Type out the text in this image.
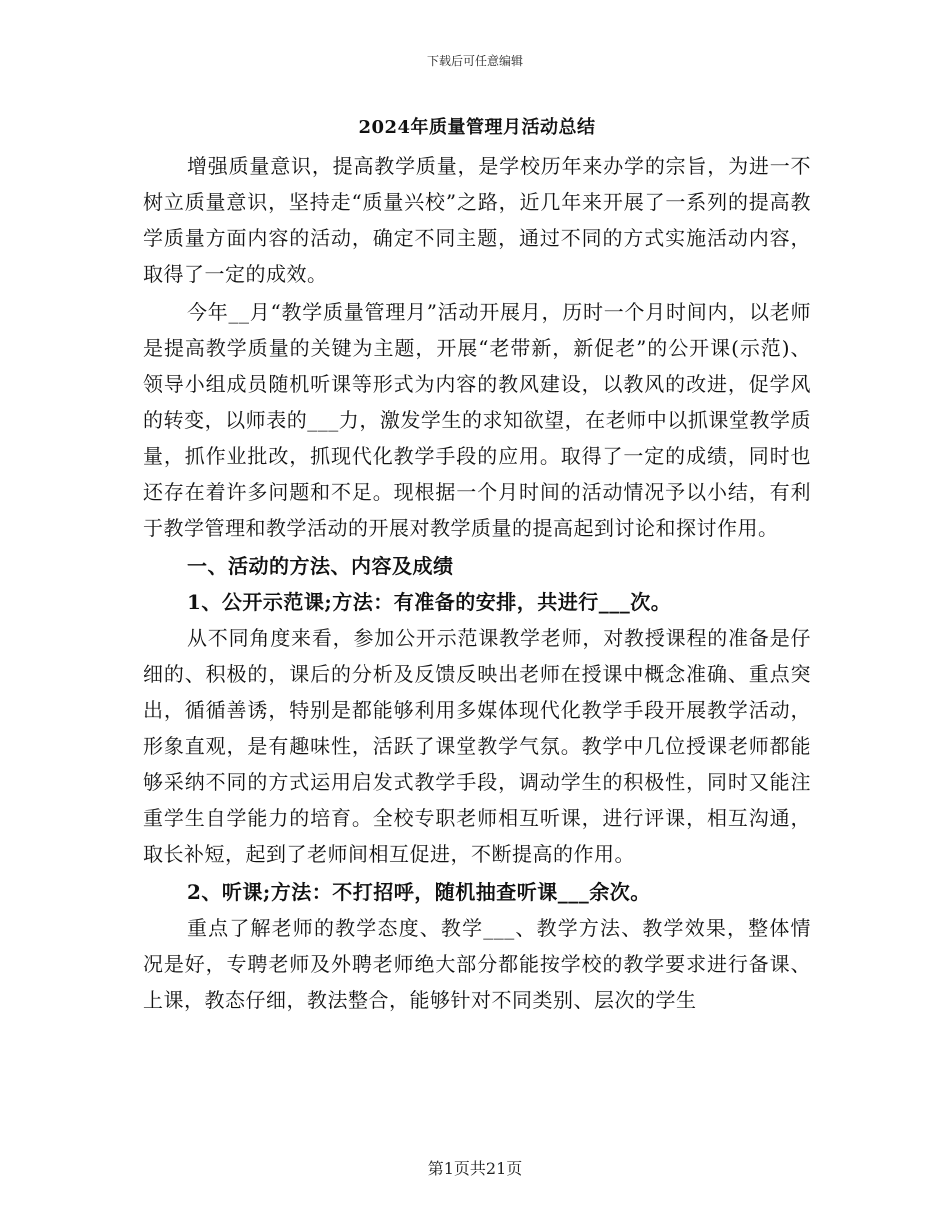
下载后可任意编辑
2024年质量管理月活动总结

增强质量意识，提高教学质量，是学校历年来办学的宗旨，为进一不树立质量意识，坚持走“质量兴校”之路，近几年来开展了一系列的提高教学质量方面内容的活动，确定不同主题，通过不同的方式实施活动内容，取得了一定的成效。

今年__月“教学质量管理月”活动开展月，历时一个月时间内，以老师是提高教学质量的关键为主题，开展“老带新，新促老”的公开课(示范)、领导小组成员随机听课等形式为内容的教风建设，以教风的改进，促学风的转变，以师表的___力，激发学生的求知欲望，在老师中以抓课堂教学质量，抓作业批改，抓现代化教学手段的应用。取得了一定的成绩，同时也还存在着许多问题和不足。现根据一个月时间的活动情况予以小结，有利于教学管理和教学活动的开展对教学质量的提高起到讨论和探讨作用。

一、活动的方法、内容及成绩

1、公开示范课;方法：有准备的安排，共进行___次。

从不同角度来看，参加公开示范课教学老师，对教授课程的准备是仔细的、积极的，课后的分析及反馈反映出老师在授课中概念准确、重点突出，循循善诱，特别是都能够利用多媒体现代化教学手段开展教学活动，形象直观，是有趣味性，活跃了课堂教学气氛。教学中几位授课老师都能够采纳不同的方式运用启发式教学手段，调动学生的积极性，同时又能注重学生自学能力的培育。全校专职老师相互听课，进行评课，相互沟通，取长补短，起到了老师间相互促进，不断提高的作用。

2、听课;方法：不打招呼，随机抽查听课___余次。

重点了解老师的教学态度、教学___、教学方法、教学效果，整体情况是好，专聘老师及外聘老师绝大部分都能按学校的教学要求进行备课、上课，教态仔细，教法整合，能够针对不同类别、层次的学生

第1页共21页
